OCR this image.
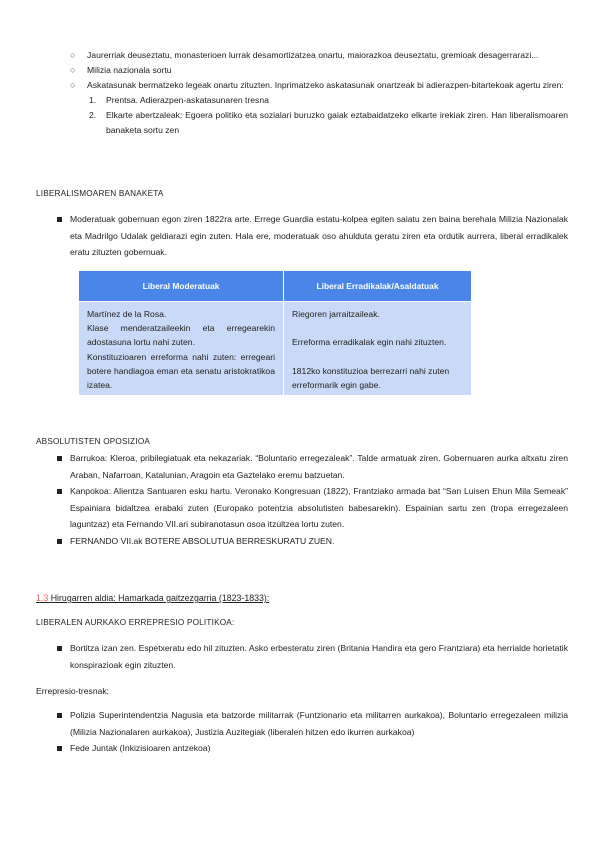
○ Jaurerriak deuseztatu, monasterioen lurrak desamortizatzea onartu, maiorazkoa deuseztatu, gremioak desagerrarazi...
○ Milizia nazionala sortu
○ Askatasunak bermatzeko legeak onartu zituzten. Inprimatzeko askatasunak onartzeak bi adierazpen-bitartekoak agertu ziren:
1. Prentsa. Adierazpen-askatasunaren tresna
2. Elkarte abertzaleak: Egoera politiko eta sozialari buruzko gaiak eztabaidatzeko elkarte irekiak ziren. Han liberalismoaren banaketa sortu zen
LIBERALISMOAREN BANAKETA
Moderatuak gobernuan egon ziren 1822ra arte. Errege Guardia estatu-kolpea egiten saiatu zen baina berehala Milizia Nazionalak eta Madrilgo Udalak geldiarazi egin zuten. Hala ere, moderatuak oso ahulduta geratu ziren eta ordutik aurrera, liberal erradikalek eratu zituzten gobernuak.
Liberal Moderatuak	Liberal Erradikalak/Asaldatuak

Martínez de la Rosa.
Klase menderatzaileekin eta erregearekin adostasuna lortu nahi zuten.
Konstituzioaren erreforma nahi zuten: erregeari botere handiagoa eman eta senatu aristokratikoa izatea.	Riegoren jarraitzaileak.
Erreforma erradikalak egin nahi zituzten.
1812ko konstituzioa berrezarri nahi zuten erreformarik egin gabe.
ABSOLUTISTEN OPOSIZIOA
Barrukoa: Kleroa, pribilegiatuak eta nekazariak. “Boluntario erregezaleak”. Talde armatuak ziren. Gobernuaren aurka altxatu ziren Araban, Nafarroan, Katalunian, Aragoin eta Gaztelako eremu batzuetan.
Kanpokoa: Alientza Santuaren esku hartu. Veronako Kongresuan (1822), Frantziako armada bat “San Luisen Ehun Mila Semeak” Espainiara bidaltzea erabaki zuten (Europako potentzia absolutisten babesarekin). Espainian sartu zen (tropa erregezaleen laguntzaz) eta Fernando VII.ari subiranotasun osoa itzultzea lortu zuten.
FERNANDO VII.ak BOTERE ABSOLUTUA BERRESKURATU ZUEN.
1.3 Hirugarren aldia: Hamarkada gaitzezgarria (1823-1833):
LIBERALEN AURKAKO ERREPRESIO POLITIKOA:
Bortitza izan zen. Espetxeratu edo hil zituzten. Asko erbesteratu ziren (Britania Handira eta gero Frantziara) eta herrialde horietatik konspirazioak egin zituzten.
Errepresio-tresnak:
Polizia Superintendentzia Nagusia eta batzorde militarrak (Funtzionario eta militarren aurkakoa), Boluntario erregezaleen milizia (Milizia Nazionalaren aurkakoa), Justizia Auzitegiak (liberalen hitzen edo ikurren aurkakoa)
Fede Juntak (Inkizisioaren antzekoa)
